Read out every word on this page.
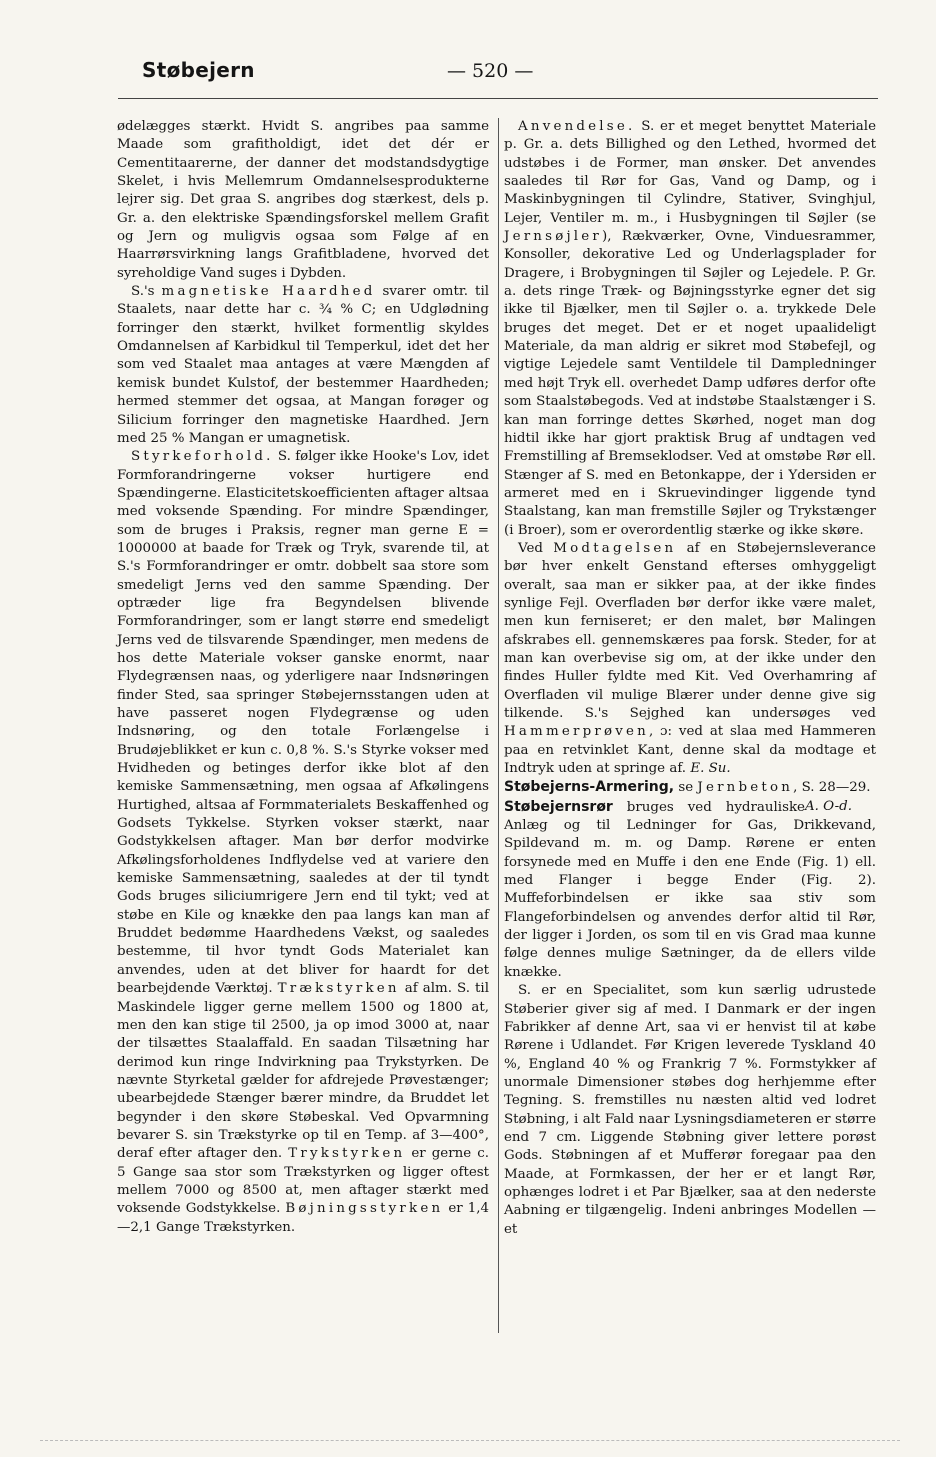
Støbejern	— 520 —

ødelægges stærkt. Hvidt S. angribes paa samme Maade som grafitholdigt, idet det dér er Cementitaarerne, der danner det modstandsdygtige Skelet, i hvis Mellemrum Omdannelsesprodukterne lejrer sig. Det graa S. angribes dog stærkest, dels p. Gr. a. den elektriske Spændingsforskel mellem Grafit og Jern og muligvis ogsaa som Følge af en Haarrørsvirkning langs Grafitbladene, hvorved det syreholdige Vand suges i Dybden.

S.'s magnetiske Haardhed svarer omtr. til Staalets, naar dette har c. ¾ % C; en Udglødning forringer den stærkt, hvilket formentlig skyldes Omdannelsen af Karbidkul til Temperkul, idet det her som ved Staalet maa antages at være Mængden af kemisk bundet Kulstof, der bestemmer Haardheden; hermed stemmer det ogsaa, at Mangan forøger og Silicium forringer den magnetiske Haardhed. Jern med 25 % Mangan er umagnetisk.

Styrkeforhold. S. følger ikke Hooke's Lov, idet Formforandringerne vokser hurtigere end Spændingerne. Elasticitetskoefficienten aftager altsaa med voksende Spænding. For mindre Spændinger, som de bruges i Praksis, regner man gerne E = 1000000 at baade for Træk og Tryk, svarende til, at S.'s Formforandringer er omtr. dobbelt saa store som smedeligt Jerns ved den samme Spænding. Der optræder lige fra Begyndelsen blivende Formforandringer, som er langt større end smedeligt Jerns ved de tilsvarende Spændinger, men medens de hos dette Materiale vokser ganske enormt, naar Flydegrænsen naas, og yderligere naar Indsnøringen finder Sted, saa springer Støbejernsstangen uden at have passeret nogen Flydegrænse og uden Indsnøring, og den totale Forlængelse i Brudøjeblikket er kun c. 0,8 %. S.'s Styrke vokser med Hvidheden og betinges derfor ikke blot af den kemiske Sammensætning, men ogsaa af Afkølingens Hurtighed, altsaa af Formmaterialets Beskaffenhed og Godsets Tykkelse. Styrken vokser stærkt, naar Godstykkelsen aftager. Man bør derfor modvirke Afkølingsforholdenes Indflydelse ved at variere den kemiske Sammensætning, saaledes at der til tyndt Gods bruges siliciumrigere Jern end til tykt; ved at støbe en Kile og knække den paa langs kan man af Bruddet bedømme Haardhedens Vækst, og saaledes bestemme, til hvor tyndt Gods Materialet kan anvendes, uden at det bliver for haardt for det bearbejdende Værktøj. Trækstyrken af alm. S. til Maskindele ligger gerne mellem 1500 og 1800 at, men den kan stige til 2500, ja op imod 3000 at, naar der tilsættes Staalaffald. En saadan Tilsætning har derimod kun ringe Indvirkning paa Trykstyrken. De nævnte Styrketal gælder for afdrejede Prøvestænger; ubearbejdede Stænger bærer mindre, da Bruddet let begynder i den skøre Støbeskal. Ved Opvarmning bevarer S. sin Trækstyrke op til en Temp. af 3—400°, deraf efter aftager den. Trykstyrken er gerne c. 5 Gange saa stor som Trækstyrken og ligger oftest mellem 7000 og 8500 at, men aftager stærkt med voksende Godstykkelse. Bøjningsstyrken er 1,4—2,1 Gange Trækstyrken.

Anvendelse. S. er et meget benyttet Materiale p. Gr. a. dets Billighed og den Lethed, hvormed det udstøbes i de Former, man ønsker. Det anvendes saaledes til Rør for Gas, Vand og Damp, og i Maskinbygningen til Cylindre, Stativer, Svinghjul, Lejer, Ventiler m. m., i Husbygningen til Søjler (se Jernsøjler), Rækværker, Ovne, Vinduesrammer, Konsoller, dekorative Led og Underlagsplader for Dragere, i Brobygningen til Søjler og Lejedele. P. Gr. a. dets ringe Træk- og Bøjningsstyrke egner det sig ikke til Bjælker, men til Søjler o. a. trykkede Dele bruges det meget. Det er et noget upaalideligt Materiale, da man aldrig er sikret mod Støbefejl, og vigtige Lejedele samt Ventildele til Dampledninger med højt Tryk ell. overhedet Damp udføres derfor ofte som Staalstøbegods. Ved at indstøbe Staalstænger i S. kan man forringe dettes Skørhed, noget man dog hidtil ikke har gjort praktisk Brug af undtagen ved Fremstilling af Bremseklodser. Ved at omstøbe Rør ell. Stænger af S. med en Betonkappe, der i Ydersiden er armeret med en i Skruevindinger liggende tynd Staalstang, kan man fremstille Søjler og Trykstænger (i Broer), som er overordentlig stærke og ikke skøre.

Ved Modtagelsen af en Støbejernsleverance bør hver enkelt Genstand efterses omhyggeligt overalt, saa man er sikker paa, at der ikke findes synlige Fejl. Overfladen bør derfor ikke være malet, men kun ferniseret; er den malet, bør Malingen afskrabes ell. gennemskæres paa forsk. Steder, for at man kan overbevise sig om, at der ikke under den findes Huller fyldte med Kit. Ved Overhamring af Overfladen vil mulige Blærer under denne give sig tilkende. S.'s Sejghed kan undersøges ved Hammerprøven, ɔ: ved at slaa med Hammeren paa en retvinklet Kant, denne skal da modtage et Indtryk uden at springe af. E. Su.

Støbejerns-Armering, se Jernbeton, S. 28—29.
A. O-d.

Støbejernsrør bruges ved hydrauliske Anlæg og til Ledninger for Gas, Drikkevand, Spildevand m. m. og Damp. Rørene er enten forsynede med en Muffe i den ene Ende (Fig. 1) ell. med Flanger i begge Ender (Fig. 2). Muffeforbindelsen er ikke saa stiv som Flangeforbindelsen og anvendes derfor altid til Rør, der ligger i Jorden, os som til en vis Grad maa kunne følge dennes mulige Sætninger, da de ellers vilde knække.

S. er en Specialitet, som kun særlig udrustede Støberier giver sig af med. I Danmark er der ingen Fabrikker af denne Art, saa vi er henvist til at købe Rørene i Udlandet. Før Krigen leverede Tyskland 40 %, England 40 % og Frankrig 7 %. Formstykker af unormale Dimensioner støbes dog herhjemme efter Tegning. S. fremstilles nu næsten altid ved lodret Støbning, i alt Fald naar Lysningsdiameteren er større end 7 cm. Liggende Støbning giver lettere porøst Gods. Støbningen af et Mufferør foregaar paa den Maade, at Formkassen, der her er et langt Rør, ophænges lodret i et Par Bjælker, saa at den nederste Aabning er tilgængelig. Indeni anbringes Modellen — et
